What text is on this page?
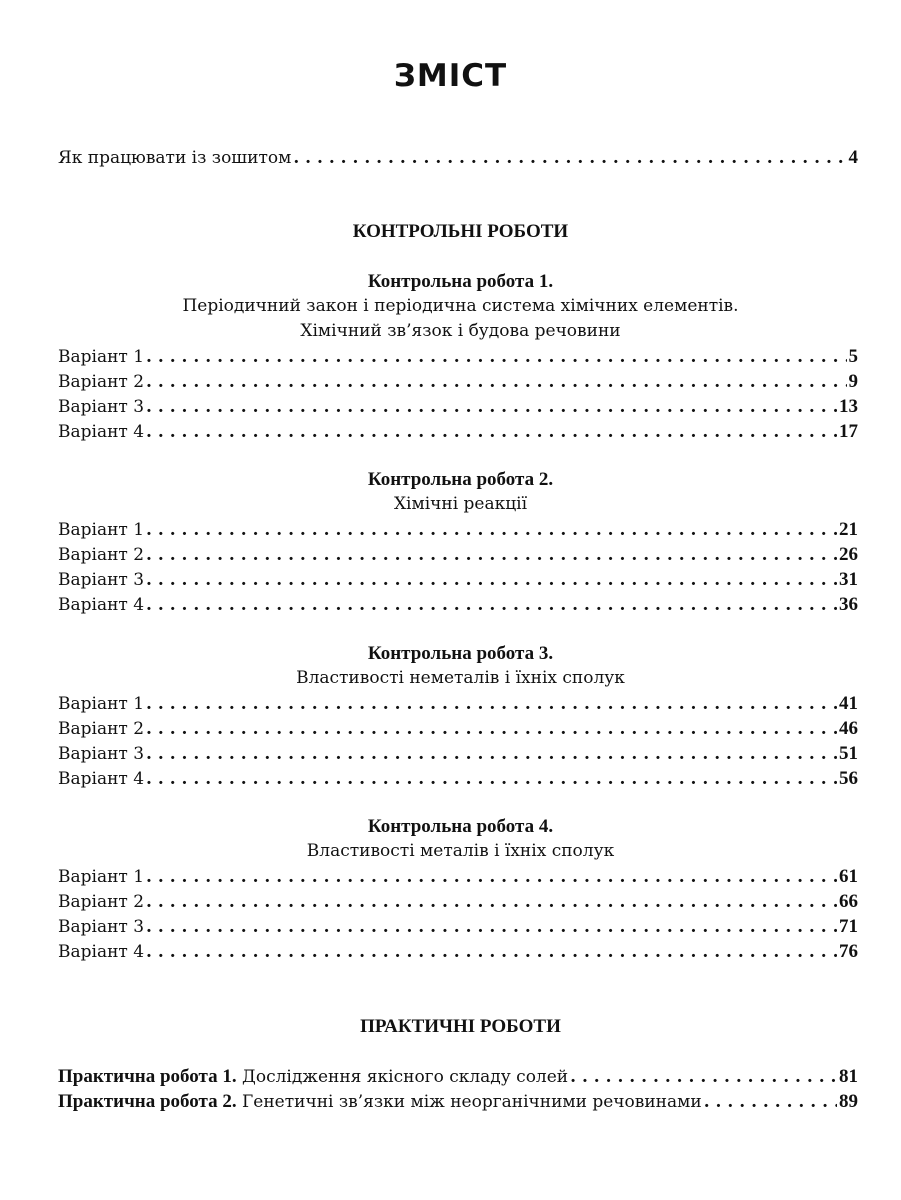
ЗМІСТ
Як працювати із зошитом . . .	4
КОНТРОЛЬНІ РОБОТИ
Контрольна робота 1.
Періодичний закон і періодична система хімічних елементів.
Хімічний зв’язок і будова речовини
Варіант 1 . . .	5
Варіант 2 . . .	9
Варіант 3 . . .	13
Варіант 4 . . .	17
Контрольна робота 2.
Хімічні реакції
Варіант 1 . . .	21
Варіант 2 . . .	26
Варіант 3 . . .	31
Варіант 4 . . .	36
Контрольна робота 3.
Властивості неметалів і їхніх сполук
Варіант 1 . . .	41
Варіант 2 . . .	46
Варіант 3 . . .	51
Варіант 4 . . .	56
Контрольна робота 4.
Властивості металів і їхніх сполук
Варіант 1 . . .	61
Варіант 2 . . .	66
Варіант 3 . . .	71
Варіант 4 . . .	76
ПРАКТИЧНІ РОБОТИ
Практична робота 1. Дослідження якісного складу солей . . .	81
Практична робота 2. Генетичні зв’язки між неорганічними речовинами . . .	89
